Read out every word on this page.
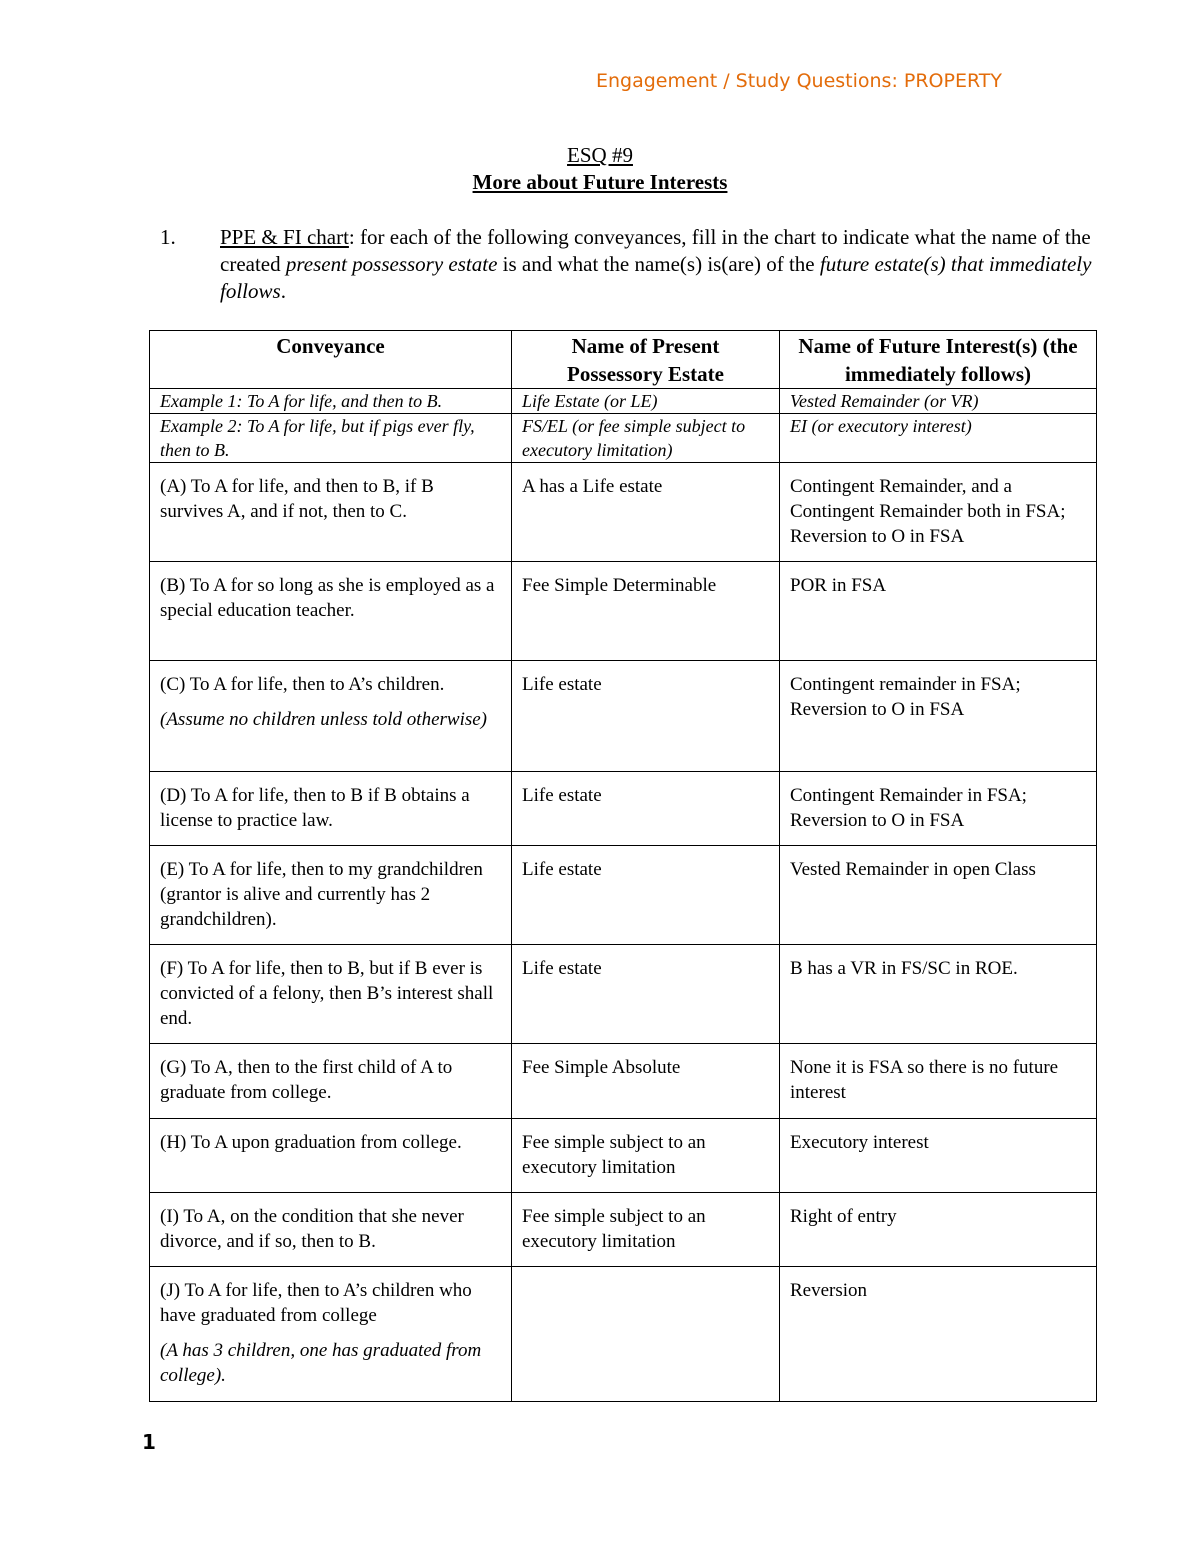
Engagement / Study Questions: PROPERTY
ESQ #9
More about Future Interests
1. PPE & FI chart: for each of the following conveyances, fill in the chart to indicate what the name of the created present possessory estate is and what the name(s) is(are) of the future estate(s) that immediately follows.
Conveyance	Name of Present Possessory Estate	Name of Future Interest(s) (the immediately follows)
Example 1: To A for life, and then to B.	Life Estate (or LE)	Vested Remainder (or VR)
Example 2: To A for life, but if pigs ever fly, then to B.	FS/EL (or fee simple subject to executory limitation)	EI (or executory interest)

(A) To A for life, and then to B, if B survives A, and if not, then to C.	A has a Life estate	Contingent Remainder, and a Contingent Remainder both in FSA; Reversion to O in FSA

(B) To A for so long as she is employed as a special education teacher.	Fee Simple Determinable	POR in FSA

(C) To A for life, then to A’s children.
(Assume no children unless told otherwise)	Life estate	Contingent remainder in FSA; Reversion to O in FSA

(D) To A for life, then to B if B obtains a license to practice law.	Life estate	Contingent Remainder in FSA; Reversion to O in FSA

(E) To A for life, then to my grandchildren (grantor is alive and currently has 2 grandchildren).	Life estate	Vested Remainder in open Class

(F) To A for life, then to B, but if B ever is convicted of a felony, then B’s interest shall end.	Life estate	B has a VR in FS/SC in ROE.

(G) To A, then to the first child of A to graduate from college.	Fee Simple Absolute	None it is FSA so there is no future interest

(H) To A upon graduation from college.	Fee simple subject to an executory limitation	Executory interest

(I) To A, on the condition that she never divorce, and if so, then to B.	Fee simple subject to an executory limitation	Right of entry

(J) To A for life, then to A’s children who have graduated from college
(A has 3 children, one has graduated from college).		Reversion
1
